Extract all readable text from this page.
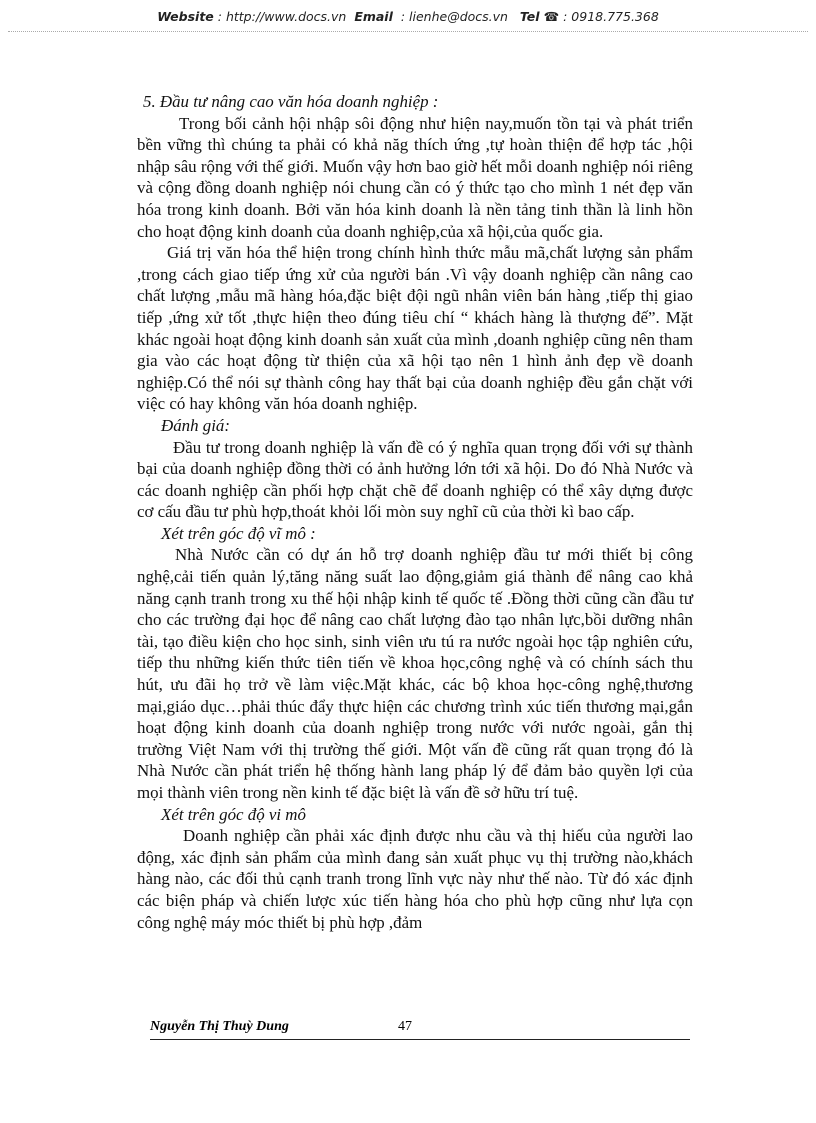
Website : http://www.docs.vn Email : lienhe@docs.vn Tel ☎ : 0918.775.368

5. Đầu tư nâng cao văn hóa doanh nghiệp :

Trong bối cảnh hội nhập sôi động như hiện nay,muốn tồn tại và phát triển bền vững thì chúng ta phải có khả năg thích ứng ,tự hoàn thiện để hợp tác ,hội nhập sâu rộng với thế giới. Muốn vậy hơn bao giờ hết mỗi doanh nghiệp nói riêng và cộng đồng doanh nghiệp nói chung cần có ý thức tạo cho mình 1 nét đẹp văn hóa trong kinh doanh. Bởi văn hóa kinh doanh là nền tảng tinh thần là linh hồn cho hoạt động kinh doanh của doanh nghiệp,của xã hội,của quốc gia.

Giá trị văn hóa thể hiện trong chính hình thức mẫu mã,chất lượng sản phẩm ,trong cách giao tiếp ứng xử của người bán .Vì vậy doanh nghiệp cần nâng cao chất lượng ,mẫu mã hàng hóa,đặc biệt đội ngũ nhân viên bán hàng ,tiếp thị giao tiếp ,ứng xử tốt ,thực hiện theo đúng tiêu chí “ khách hàng là thượng đế”. Mặt khác ngoài hoạt động kinh doanh sản xuất của mình ,doanh nghiệp cũng nên tham gia vào các hoạt động từ thiện của xã hội tạo nên 1 hình ảnh đẹp về doanh nghiệp.Có thể nói sự thành công hay thất bại của doanh nghiệp đều gắn chặt với việc có hay không văn hóa doanh nghiệp.

Đánh giá:

Đầu tư trong doanh nghiệp là vấn đề có ý nghĩa quan trọng đối với sự thành bại của doanh nghiệp đồng thời có ảnh hưởng lớn tới xã hội. Do đó Nhà Nước và các doanh nghiệp cần phối hợp chặt chẽ để doanh nghiệp có thể xây dựng được cơ cấu đầu tư phù hợp,thoát khỏi lối mòn suy nghĩ cũ của thời kì bao cấp.

Xét trên góc độ vĩ mô :

Nhà Nước cần có dự án hỗ trợ doanh nghiệp đầu tư mới thiết bị công nghệ,cải tiến quản lý,tăng năng suất lao động,giảm giá thành để nâng cao khả năng cạnh tranh trong xu thế hội nhập kinh tế quốc tế .Đồng thời cũng cần đầu tư cho các trường đại học để nâng cao chất lượng đào tạo nhân lực,bồi dưỡng nhân tài, tạo điều kiện cho học sinh, sinh viên ưu tú ra nước ngoài học tập nghiên cứu, tiếp thu những kiến thức tiên tiến về khoa học,công nghệ và có chính sách thu hút, ưu đãi họ trở về làm việc.Mặt khác, các bộ khoa học-công nghệ,thương mại,giáo dục…phải thúc đẩy thực hiện các chương trình xúc tiến thương mại,gắn hoạt động kinh doanh của doanh nghiệp trong nước với nước ngoài, gắn thị trường Việt Nam với thị trường thế giới. Một vấn đề cũng rất quan trọng đó là Nhà Nước cần phát triển hệ thống hành lang pháp lý để đảm bảo quyền lợi của mọi thành viên trong nền kinh tế đặc biệt là vấn đề sở hữu trí tuệ.

Xét trên góc độ vi mô

Doanh nghiệp cần phải xác định được nhu cầu và thị hiếu của người lao động, xác định sản phẩm của mình đang sản xuất phục vụ thị trường nào,khách hàng nào, các đối thủ cạnh tranh trong lĩnh vực này như thế nào. Từ đó xác định các biện pháp và chiến lược xúc tiến hàng hóa cho phù hợp cũng như lựa cọn công nghệ máy móc thiết bị phù hợp ,đảm

Nguyễn Thị Thuỳ Dung	47
